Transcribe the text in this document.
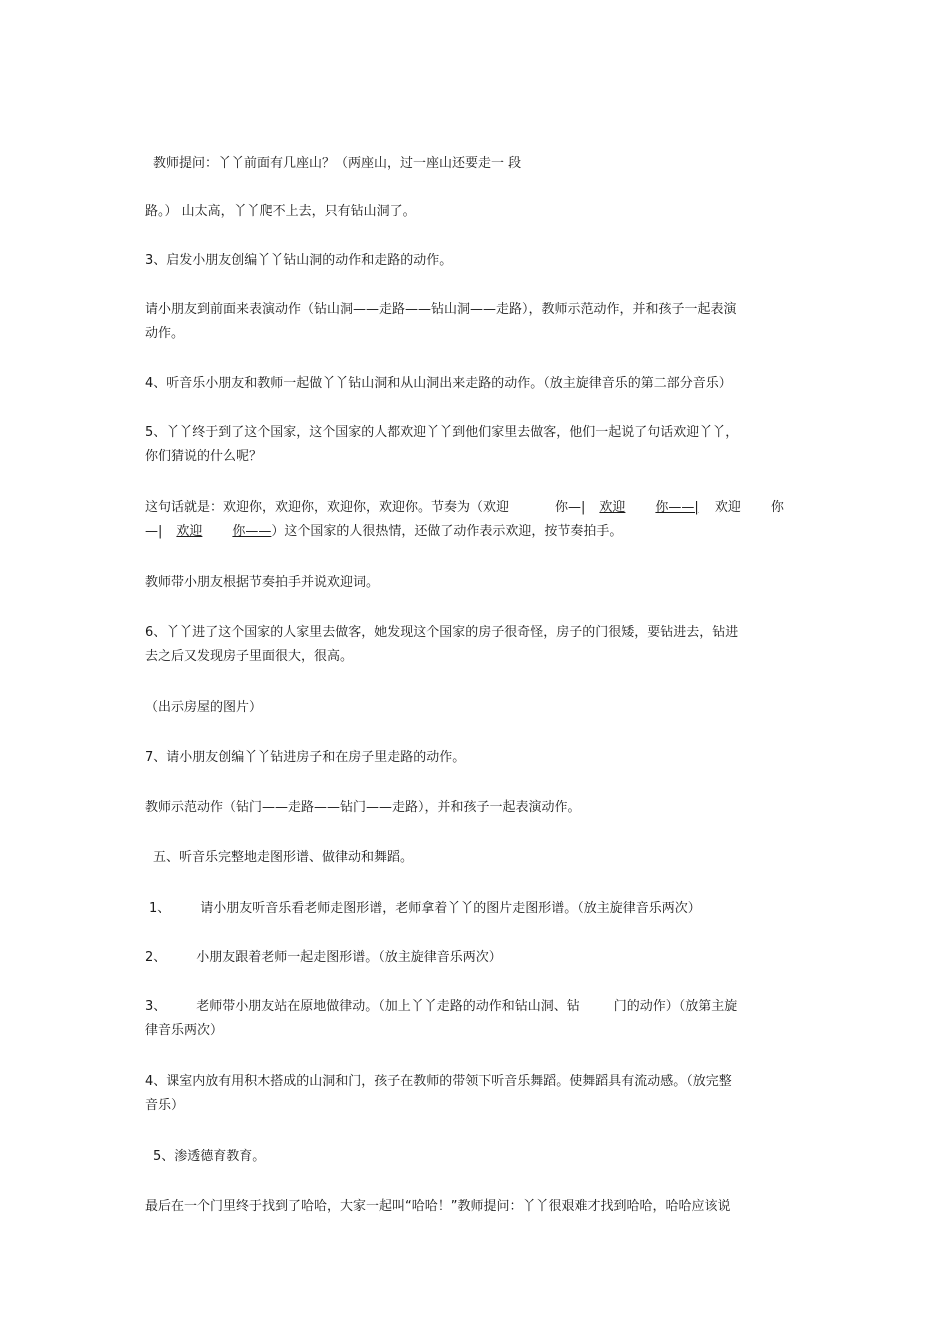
教师提问：丫丫前面有几座山？（两座山，过一座山还要走一 段
路。） 山太高，丫丫爬不上去，只有钻山洞了。
3、启发小朋友创编丫丫钻山洞的动作和走路的动作。
请小朋友到前面来表演动作（钻山洞——走路——钻山洞——走路），教师示范动作，并和孩子一起表演
动作。
4、听音乐小朋友和教师一起做丫丫钻山洞和从山洞出来走路的动作。（放主旋律音乐的第二部分音乐）
5、丫丫终于到了这个国家，这个国家的人都欢迎丫丫到他们家里去做客，他们一起说了句话欢迎丫丫，
你们猜说的什么呢？
这句话就是：欢迎你，欢迎你，欢迎你，欢迎你。节奏为（欢迎	你—| 欢迎 你——| 欢迎 你
—| 欢迎 你——）这个国家的人很热情，还做了动作表示欢迎，按节奏拍手。
教师带小朋友根据节奏拍手并说欢迎词。
6、丫丫进了这个国家的人家里去做客，她发现这个国家的房子很奇怪，房子的门很矮，要钻进去，钻进
去之后又发现房子里面很大，很高。
（出示房屋的图片）
7、请小朋友创编丫丫钻进房子和在房子里走路的动作。
教师示范动作（钻门——走路——钻门——走路），并和孩子一起表演动作。
五、听音乐完整地走图形谱、做律动和舞蹈。
1、 请小朋友听音乐看老师走图形谱，老师拿着丫丫的图片走图形谱。（放主旋律音乐两次）
2、 小朋友跟着老师一起走图形谱。（放主旋律音乐两次）
3、 老师带小朋友站在原地做律动。（加上丫丫走路的动作和钻山洞、钻	门的动作）（放第主旋
律音乐两次）
4、课室内放有用积木搭成的山洞和门，孩子在教师的带领下听音乐舞蹈。使舞蹈具有流动感。（放完整
音乐）
5、渗透德育教育。
最后在一个门里终于找到了哈哈，大家一起叫“哈哈！”教师提问：丫丫很艰难才找到哈哈，哈哈应该说
